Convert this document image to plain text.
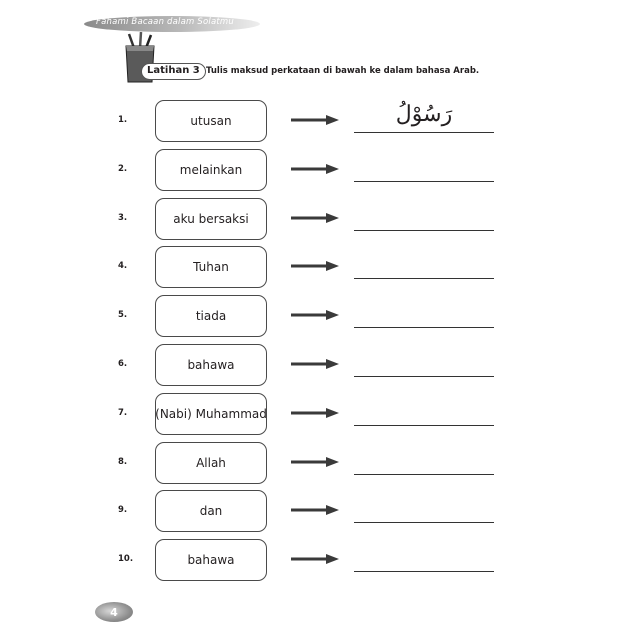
Fahami Bacaan dalam Solatmu
Latihan 3 Tulis maksud perkataan di bawah ke dalam bahasa Arab.
1.	utusan	رَسُوْلُ
2.	melainkan
3.	aku bersaksi
4.	Tuhan
5.	tiada
6.	bahawa
7. (Nabi) Muhammad
8.	Allah
9.	dan
10.	bahawa
4
